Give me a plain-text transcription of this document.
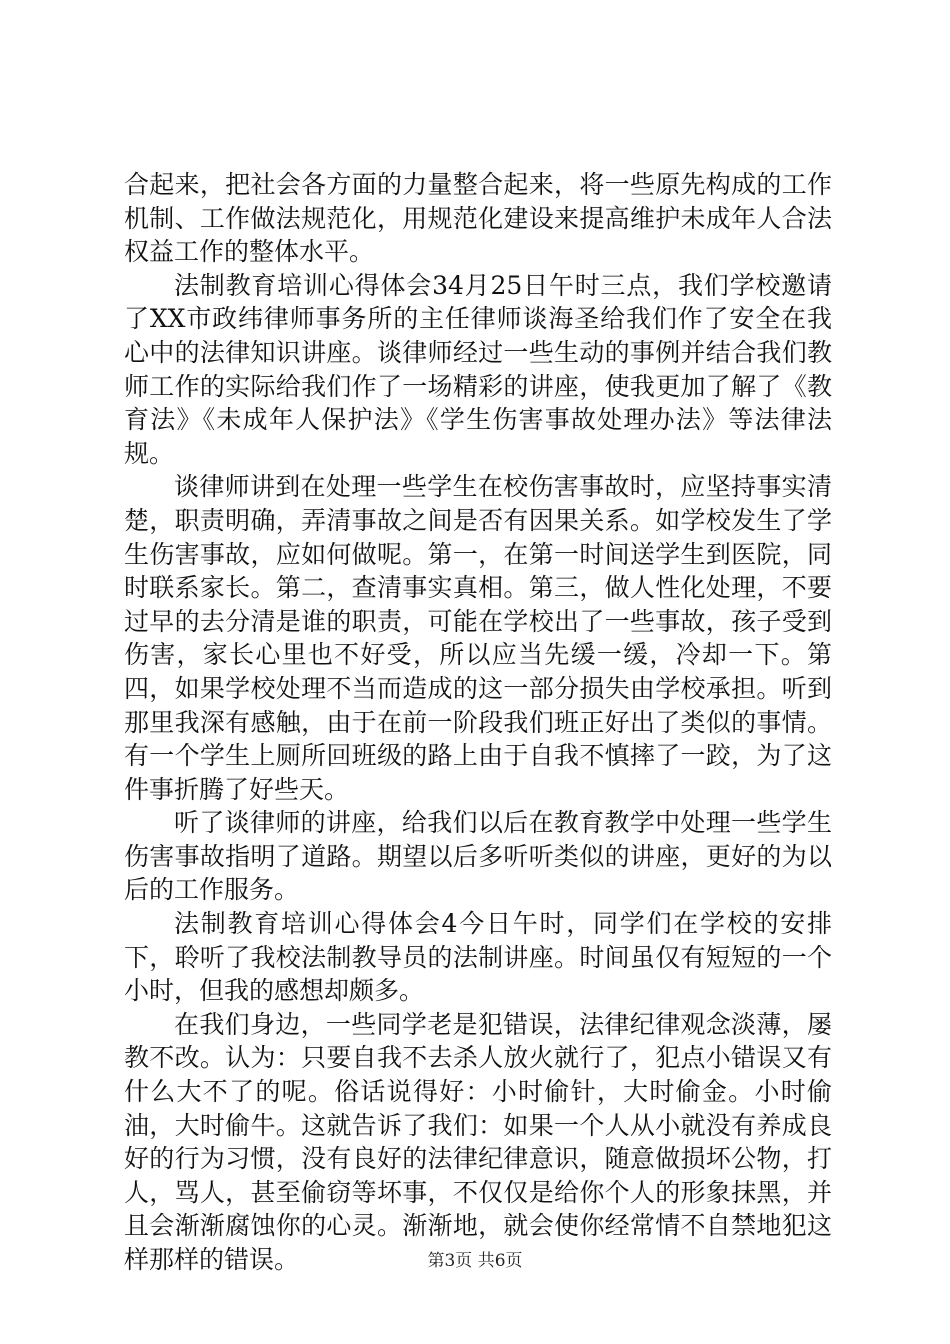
合起来，把社会各方面的力量整合起来，将一些原先构成的工作机制、工作做法规范化，用规范化建设来提高维护未成年人合法权益工作的整体水平。

法制教育培训心得体会34月25日午时三点，我们学校邀请了XX市政纬律师事务所的主任律师谈海圣给我们作了安全在我心中的法律知识讲座。谈律师经过一些生动的事例并结合我们教师工作的实际给我们作了一场精彩的讲座，使我更加了解了《教育法》《未成年人保护法》《学生伤害事故处理办法》等法律法规。

谈律师讲到在处理一些学生在校伤害事故时，应坚持事实清楚，职责明确，弄清事故之间是否有因果关系。如学校发生了学生伤害事故，应如何做呢。第一，在第一时间送学生到医院，同时联系家长。第二，查清事实真相。第三，做人性化处理，不要过早的去分清是谁的职责，可能在学校出了一些事故，孩子受到伤害，家长心里也不好受，所以应当先缓一缓，冷却一下。第四，如果学校处理不当而造成的这一部分损失由学校承担。听到那里我深有感触，由于在前一阶段我们班正好出了类似的事情。有一个学生上厕所回班级的路上由于自我不慎摔了一跤，为了这件事折腾了好些天。

听了谈律师的讲座，给我们以后在教育教学中处理一些学生伤害事故指明了道路。期望以后多听听类似的讲座，更好的为以后的工作服务。

法制教育培训心得体会4今日午时，同学们在学校的安排下，聆听了我校法制教导员的法制讲座。时间虽仅有短短的一个小时，但我的感想却颇多。

在我们身边，一些同学老是犯错误，法律纪律观念淡薄，屡教不改。认为：只要自我不去杀人放火就行了，犯点小错误又有什么大不了的呢。俗话说得好：小时偷针，大时偷金。小时偷油，大时偷牛。这就告诉了我们：如果一个人从小就没有养成良好的行为习惯，没有良好的法律纪律意识，随意做损坏公物，打人，骂人，甚至偷窃等坏事，不仅仅是给你个人的形象抹黑，并且会渐渐腐蚀你的心灵。渐渐地，就会使你经常情不自禁地犯这样那样的错误。	第3页 共6页
